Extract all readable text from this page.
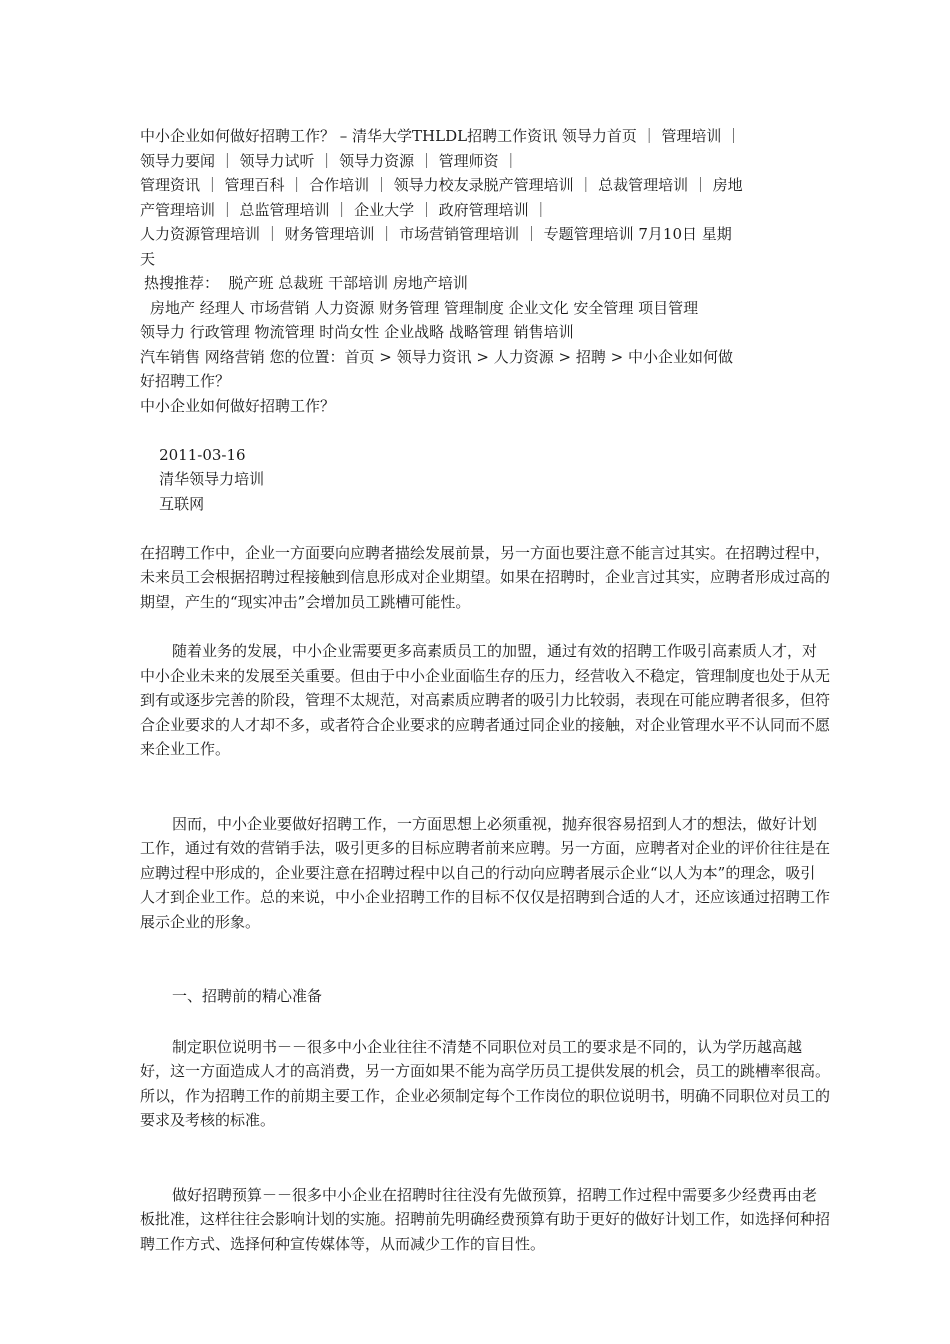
中小企业如何做好招聘工作？ – 清华大学THLDL招聘工作资讯 领导力首页 ｜ 管理培训 ｜
领导力要闻 ｜ 领导力试听 ｜ 领导力资源 ｜ 管理师资 ｜
管理资讯 ｜ 管理百科 ｜ 合作培训 ｜ 领导力校友录脱产管理培训 ｜ 总裁管理培训 ｜ 房地
产管理培训 ｜ 总监管理培训 ｜ 企业大学 ｜ 政府管理培训 ｜
人力资源管理培训 ｜ 财务管理培训 ｜ 市场营销管理培训 ｜ 专题管理培训 7月10日 星期
天
热搜推荐：  脱产班 总裁班 干部培训 房地产培训
房地产 经理人 市场营销 人力资源 财务管理 管理制度 企业文化 安全管理 项目管理
领导力 行政管理 物流管理 时尚女性 企业战略 战略管理 销售培训
汽车销售 网络营销 您的位置：首页 > 领导力资讯 > 人力资源 > 招聘 > 中小企业如何做
好招聘工作？
中小企业如何做好招聘工作？

2011-03-16
清华领导力培训
互联网

在招聘工作中，企业一方面要向应聘者描绘发展前景，另一方面也要注意不能言过其实。在招聘过程中，未来员工会根据招聘过程接触到信息形成对企业期望。如果在招聘时，企业言过其实，应聘者形成过高的期望，产生的“现实冲击”会增加员工跳槽可能性。

随着业务的发展，中小企业需要更多高素质员工的加盟，通过有效的招聘工作吸引高素质人才，对中小企业未来的发展至关重要。但由于中小企业面临生存的压力，经营收入不稳定，管理制度也处于从无到有或逐步完善的阶段，管理不太规范，对高素质应聘者的吸引力比较弱，表现在可能应聘者很多，但符合企业要求的人才却不多，或者符合企业要求的应聘者通过同企业的接触，对企业管理水平不认同而不愿来企业工作。

因而，中小企业要做好招聘工作，一方面思想上必须重视，抛弃很容易招到人才的想法，做好计划工作，通过有效的营销手法，吸引更多的目标应聘者前来应聘。另一方面，应聘者对企业的评价往往是在应聘过程中形成的，企业要注意在招聘过程中以自己的行动向应聘者展示企业“以人为本”的理念，吸引人才到企业工作。总的来说，中小企业招聘工作的目标不仅仅是招聘到合适的人才，还应该通过招聘工作展示企业的形象。

一、招聘前的精心准备

制定职位说明书－－很多中小企业往往不清楚不同职位对员工的要求是不同的，认为学历越高越好，这一方面造成人才的高消费，另一方面如果不能为高学历员工提供发展的机会，员工的跳槽率很高。所以，作为招聘工作的前期主要工作，企业必须制定每个工作岗位的职位说明书，明确不同职位对员工的要求及考核的标准。

做好招聘预算－－很多中小企业在招聘时往往没有先做预算，招聘工作过程中需要多少经费再由老板批准，这样往往会影响计划的实施。招聘前先明确经费预算有助于更好的做好计划工作，如选择何种招聘工作方式、选择何种宣传媒体等，从而减少工作的盲目性。
